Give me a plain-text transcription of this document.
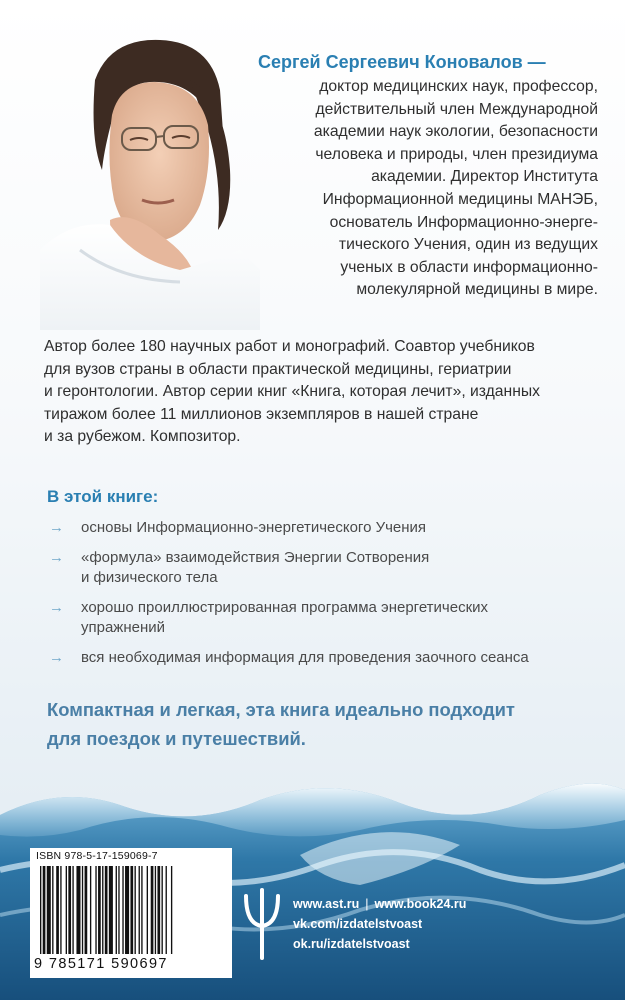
Сергей Сергеевич Коновалов —

доктор медицинских наук, профессор,
действительный член Международной
академии наук экологии, безопасности
человека и природы, член президиума
академии. Директор Института
Информационной медицины МАНЭБ,
основатель Информационно-энерге-
тического Учения, один из ведущих
ученых в области информационно-
молекулярной медицины в мире.

Автор более 180 научных работ и монографий. Соавтор учебников
для вузов страны в области практической медицины, гериатрии
и геронтологии. Автор серии книг «Книга, которая лечит», изданных
тиражом более 11 миллионов экземпляров в нашей стране
и за рубежом. Композитор.

В этой книге:
→ основы Информационно-энергетического Учения
→ «формула» взаимодействия Энергии Сотворения
и физического тела
→ хорошо проиллюстрированная программа энергетических
упражнений
→ вся необходимая информация для проведения заочного сеанса

Компактная и легкая, эта книга идеально подходит
для поездок и путешествий.

ISBN 978-5-17-159069-7
9 785171 590697
www.ast.ru | www.book24.ru
vk.com/izdatelstvoast
ok.ru/izdatelstvoast
